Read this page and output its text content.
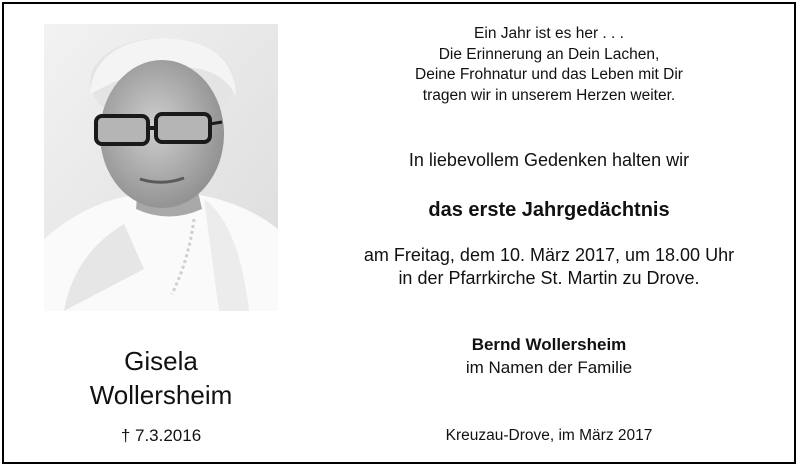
Gisela
Wollersheim
† 7.3.2016
Ein Jahr ist es her . . .
Die Erinnerung an Dein Lachen,
Deine Frohnatur und das Leben mit Dir
tragen wir in unserem Herzen weiter.
In liebevollem Gedenken halten wir
das erste Jahrgedächtnis
am Freitag, dem 10. März 2017, um 18.00 Uhr
in der Pfarrkirche St. Martin zu Drove.
Bernd Wollersheim
im Namen der Familie
Kreuzau-Drove, im März 2017
